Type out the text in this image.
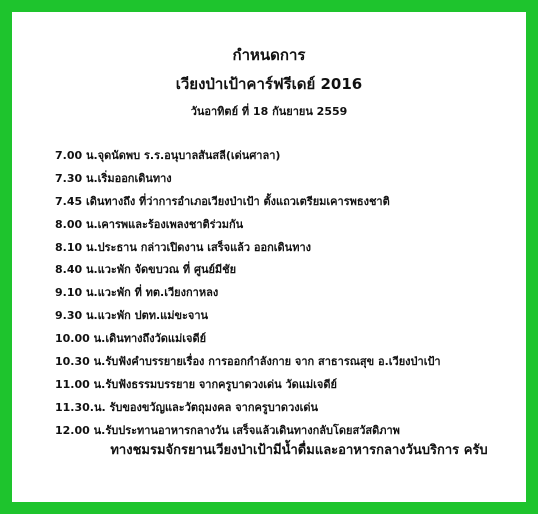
กำหนดการ
เวียงป่าเป้าคาร์ฟรีเดย์ 2016
วันอาทิตย์ ที่ 18 กันยายน 2559
7.00 น.จุดนัดพบ ร.ร.อนุบาลสันสลี(เด่นศาลา)
7.30 น.เริ่มออกเดินทาง
7.45 เดินทางถึง ที่ว่าการอำเภอเวียงป่าเป้า ตั้งแถวเตรียมเคารพธงชาติ
8.00 น.เคารพและร้องเพลงชาติร่วมกัน
8.10 น.ประธาน กล่าวเปิดงาน เสร็จแล้ว ออกเดินทาง
8.40 น.แวะพัก จัดขบวณ ที่ ศูนย์มีชัย
9.10 น.แวะพัก ที่ ทต.เวียงกาหลง
9.30 น.แวะพัก ปตท.แม่ขะจาน
10.00 น.เดินทางถึงวัดแม่เจดีย์
10.30 น.รับฟังคำบรรยายเรื่อง การออกกำลังกาย จาก สาธารณสุข อ.เวียงป่าเป้า
11.00 น.รับฟังธรรมบรรยาย จากครูบาดวงเด่น วัดแม่เจดีย์
11.30.น. รับของขวัญและวัตถุมงคล จากครูบาดวงเด่น
12.00 น.รับประทานอาหารกลางวัน เสร็จแล้วเดินทางกลับโดยสวัสดิภาพ
ทางชมรมจักรยานเวียงป่าเป้ามีน้ำดื่มและอาหารกลางวันบริการ ครับ
